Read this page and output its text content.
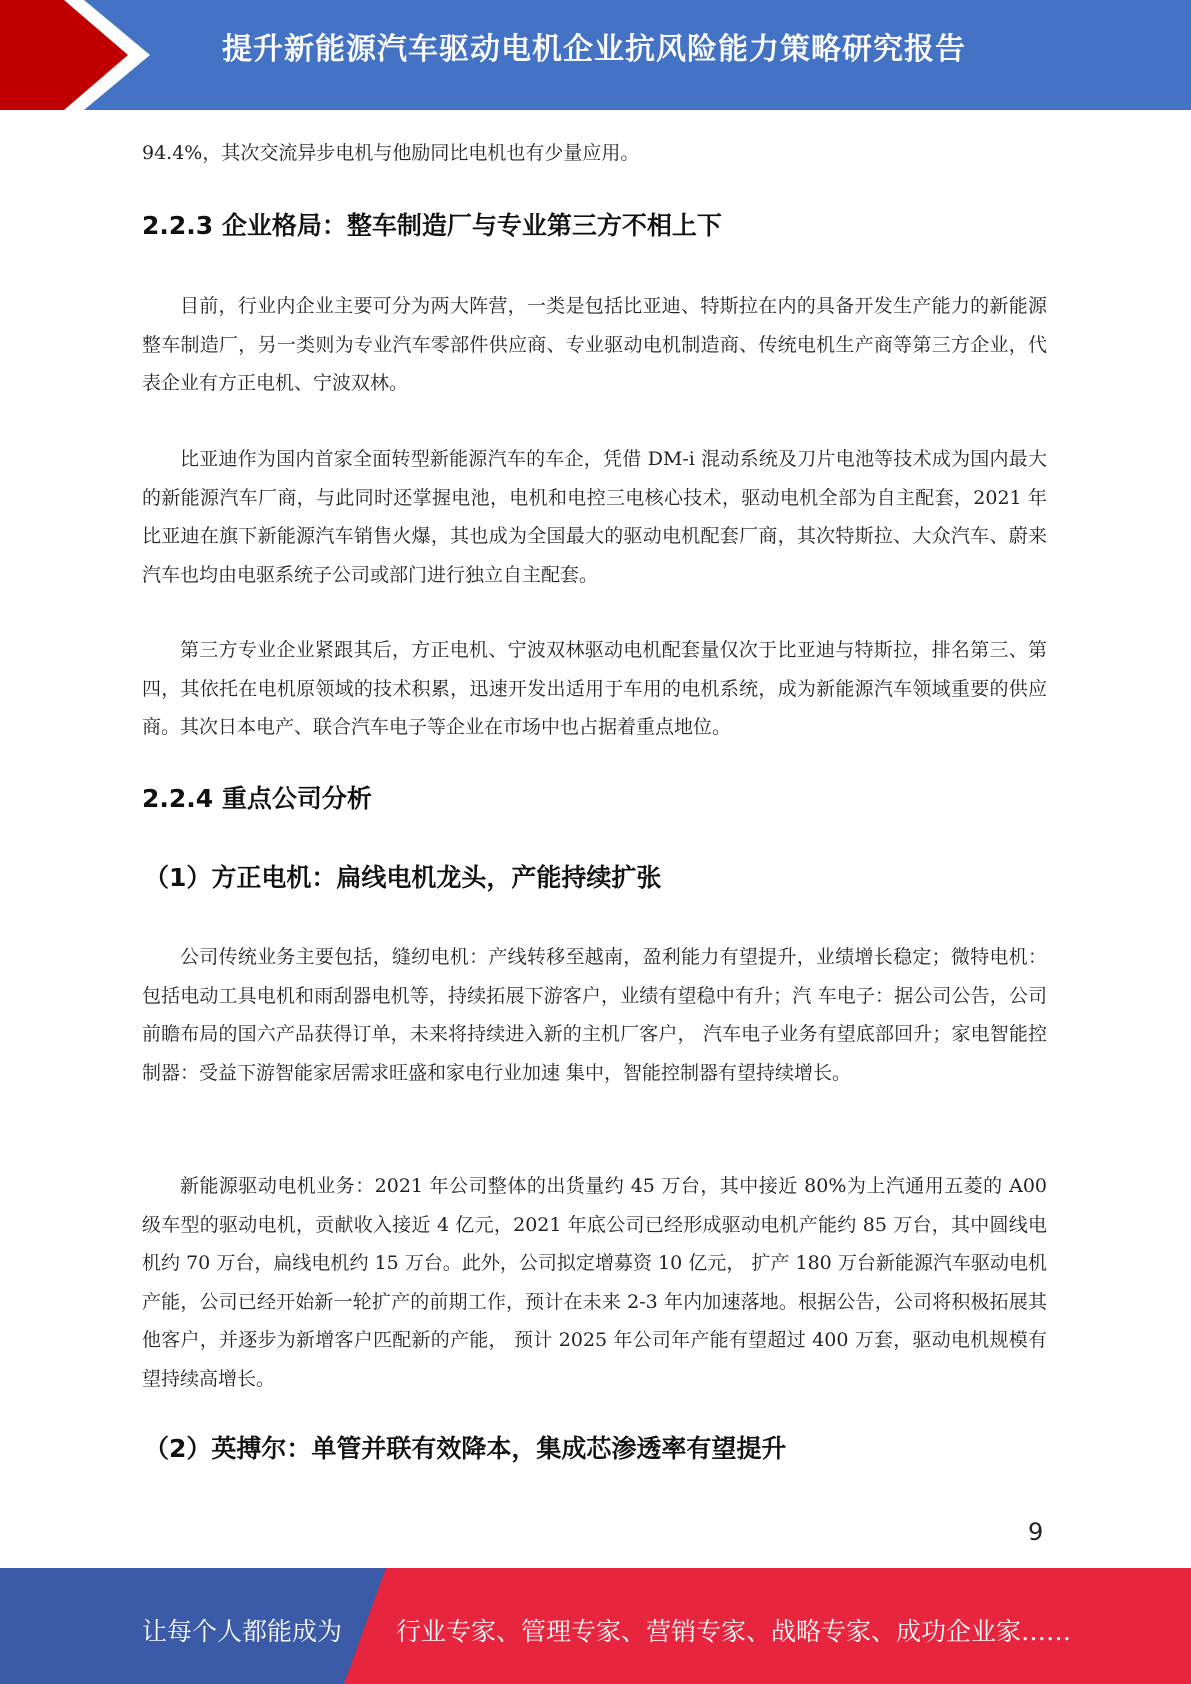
提升新能源汽车驱动电机企业抗风险能力策略研究报告

94.4%，其次交流异步电机与他励同比电机也有少量应用。

2.2.3 企业格局：整车制造厂与专业第三方不相上下

目前，行业内企业主要可分为两大阵营，一类是包括比亚迪、特斯拉在内的具备开发生产能力的新能源整车制造厂，另一类则为专业汽车零部件供应商、专业驱动电机制造商、传统电机生产商等第三方企业，代表企业有方正电机、宁波双林。

比亚迪作为国内首家全面转型新能源汽车的车企，凭借 DM-i 混动系统及刀片电池等技术成为国内最大的新能源汽车厂商，与此同时还掌握电池，电机和电控三电核心技术，驱动电机全部为自主配套，2021 年比亚迪在旗下新能源汽车销售火爆，其也成为全国最大的驱动电机配套厂商，其次特斯拉、大众汽车、蔚来汽车也均由电驱系统子公司或部门进行独立自主配套。

第三方专业企业紧跟其后，方正电机、宁波双林驱动电机配套量仅次于比亚迪与特斯拉，排名第三、第四，其依托在电机原领域的技术积累，迅速开发出适用于车用的电机系统，成为新能源汽车领域重要的供应商。其次日本电产、联合汽车电子等企业在市场中也占据着重点地位。

2.2.4 重点公司分析
（1）方正电机：扁线电机龙头，产能持续扩张

公司传统业务主要包括，缝纫电机：产线转移至越南，盈利能力有望提升，业绩增长稳定；微特电机：包括电动工具电机和雨刮器电机等，持续拓展下游客户，业绩有望稳中有升；汽 车电子：据公司公告，公司前瞻布局的国六产品获得订单，未来将持续进入新的主机厂客户， 汽车电子业务有望底部回升；家电智能控制器：受益下游智能家居需求旺盛和家电行业加速 集中，智能控制器有望持续增长。

新能源驱动电机业务：2021 年公司整体的出货量约 45 万台，其中接近 80%为上汽通用五菱的 A00 级车型的驱动电机，贡献收入接近 4 亿元，2021 年底公司已经形成驱动电机产能约 85 万台，其中圆线电机约 70 万台，扁线电机约 15 万台。此外，公司拟定增募资 10 亿元， 扩产 180 万台新能源汽车驱动电机产能，公司已经开始新一轮扩产的前期工作，预计在未来 2-3 年内加速落地。根据公告，公司将积极拓展其他客户，并逐步为新增客户匹配新的产能， 预计 2025 年公司年产能有望超过 400 万套，驱动电机规模有望持续高增长。

（2）英搏尔：单管并联有效降本，集成芯渗透率有望提升
9
让每个人都能成为 行业专家、管理专家、营销专家、战略专家、成功企业家……
